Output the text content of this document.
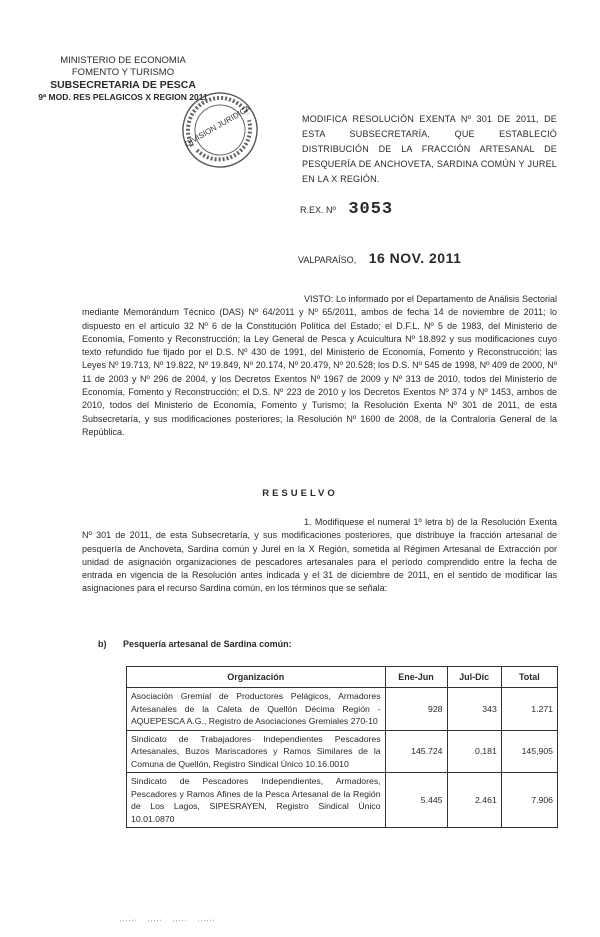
MINISTERIO DE ECONOMIA
FOMENTO Y TURISMO
SUBSECRETARIA DE PESCA
9ª MOD. RES PELAGICOS X REGION 2011
DIVISION JURIDICA	MODIFICA RESOLUCIÓN EXENTA Nº 301 DE 2011, DE ESTA SUBSECRETARÍA, QUE ESTABLECIÓ DISTRIBUCIÓN DE LA FRACCIÓN ARTESANAL DE PESQUERÍA DE ANCHOVETA, SARDINA COMÚN Y JUREL EN LA X REGIÓN.
R.EX. Nº 3053
VALPARAÍSO, 16 NOV. 2011
VISTO: Lo informado por el Departamento de Análisis Sectorial mediante Memorándum Técnico (DAS) Nº 64/2011 y Nº 65/2011, ambos de fecha 14 de noviembre de 2011; lo dispuesto en el artículo 32 Nº 6 de la Constitución Política del Estado; el D.F.L. Nº 5 de 1983, del Ministerio de Economía, Fomento y Reconstrucción; la Ley General de Pesca y Acuicultura Nº 18.892 y sus modificaciones cuyo texto refundido fue fijado por el D.S. Nº 430 de 1991, del Ministerio de Economía, Fomento y Reconstrucción; las Leyes Nº 19.713, Nº 19.822, Nº 19.849, Nº 20.174, Nº 20.479, Nº 20.528; los D.S. Nº 545 de 1998, Nº 409 de 2000, Nº 11 de 2003 y Nº 296 de 2004, y los Decretos Exentos Nº 1967 de 2009 y Nº 313 de 2010, todos del Ministerio de Economía, Fomento y Reconstrucción; el D.S. Nº 223 de 2010 y los Decretos Exentos Nº 374 y Nº 1453, ambos de 2010, todos del Ministerio de Economía, Fomento y Turismo; la Resolución Exenta Nº 301 de 2011, de esta Subsecretaría, y sus modificaciones posteriores; la Resolución Nº 1600 de 2008, de la Contraloría General de la República.
RESUELVO
1. Modifíquese el numeral 1º letra b) de la Resolución Exenta Nº 301 de 2011, de esta Subsecretaría, y sus modificaciones posteriores, que distribuye la fracción artesanal de pesquería de Anchoveta, Sardina común y Jurel en la X Región, sometida al Régimen Artesanal de Extracción por unidad de asignación organizaciones de pescadores artesanales para el período comprendido entre la fecha de entrada en vigencia de la Resolución antes indicada y el 31 de diciembre de 2011, en el sentido de modificar las asignaciones para el recurso Sardina común, en los términos que se señala:
b) Pesquería artesanal de Sardina común:
Organización	Ene-Jun	Jul-Dic	Total
Asociación Gremial de Productores Pelágicos, Armadores Artesanales de la Caleta de Quellón Décima Región - AQUEPESCA A.G., Registro de Asociaciones Gremiales 270-10	928	343	1.271
Sindicato de Trabajadores Independientes Pescadores Artesanales, Buzos Mariscadores y Ramos Similares de la Comuna de Quellón, Registro Sindical Único 10.16.0010	145.724	0,181	145,905
Sindicato de Pescadores Independientes, Armadores, Pescadores y Ramos Afines de la Pesca Artesanal de la Región de Los Lagos, SIPESRAYEN, Registro Sindical Único 10.01.0870	5.445	2.461	7.906
